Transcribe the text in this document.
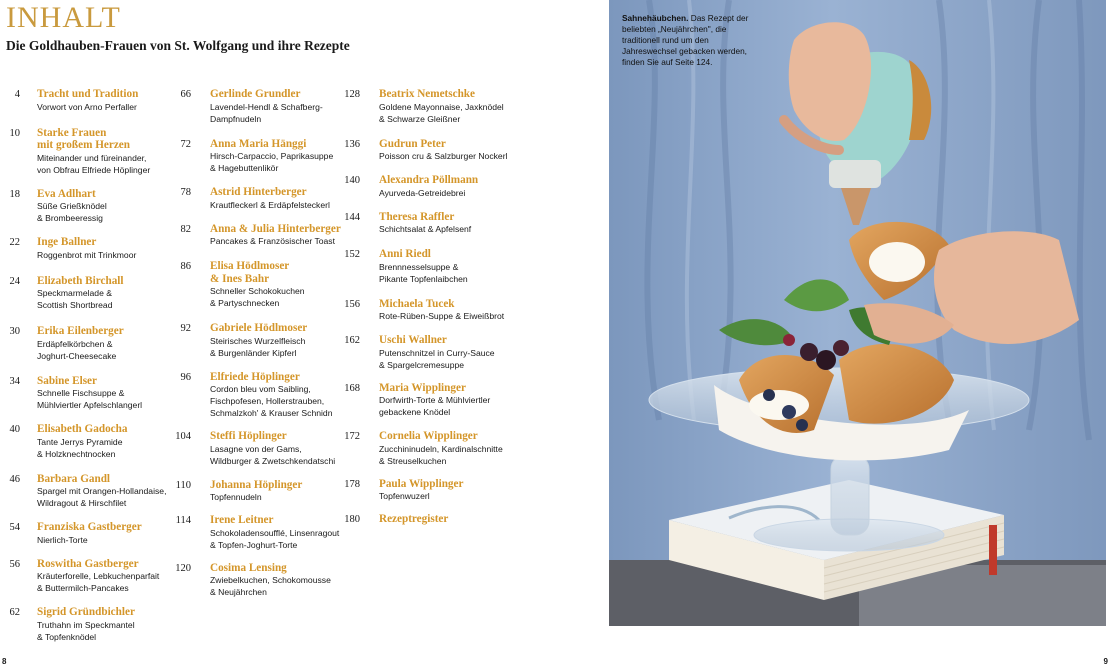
INHALT
Die Goldhauben-Frauen von St. Wolfgang und ihre Rezepte
4 Tracht und Tradition
Vorwort von Arno Perfaller
10 Starke Frauen
mit großem Herzen
Miteinander und füreinander,
von Obfrau Elfriede Höplinger
18 Eva Adlhart
Süße Grießknödel
& Brombeeressig
22 Inge Ballner
Roggenbrot mit Trinkmoor
24 Elizabeth Birchall
Speckmarmelade &
Scottish Shortbread
30 Erika Eilenberger
Erdäpfelkörbchen &
Joghurt-Cheesecake
34 Sabine Elser
Schnelle Fischsuppe &
Mühlviertler Apfelschlangerl
40 Elisabeth Gadocha
Tante Jerrys Pyramide
& Holzknechtnocken
46 Barbara Gandl
Spargel mit Orangen-Hollandaise,
Wildragout & Hirschfilet
54 Franziska Gastberger
Nierlich-Torte
56 Roswitha Gastberger
Kräuterforelle, Lebkuchenparfait
& Buttermilch-Pancakes
62 Sigrid Gründbichler
Truthahn im Speckmantel
& Topfenknödel
66 Gerlinde Grundler
Lavendel-Hendl & Schafberg-
Dampfnudeln
72 Anna Maria Hänggi
Hirsch-Carpaccio, Paprikasuppe
& Hagebuttenlikör
78 Astrid Hinterberger
Krautfleckerl & Erdäpfelsteckerl
82 Anna & Julia Hinterberger
Pancakes & Französischer Toast
86 Elisa Hödlmoser
& Ines Bahr
Schneller Schokokuchen
& Partyschnecken
92 Gabriele Hödlmoser
Steirisches Wurzelfleisch
& Burgenländer Kipferl
96 Elfriede Höplinger
Cordon bleu vom Saibling,
Fischpofesen, Hollerstrauben,
Schmalzkoh' & Krauser Schnidn
104 Steffi Höplinger
Lasagne von der Gams,
Wildburger & Zwetschkendatschi
110 Johanna Höplinger
Topfennudeln
114 Irene Leitner
Schokoladensoufflé, Linsenragout
& Topfen-Joghurt-Torte
120 Cosima Lensing
Zwiebelkuchen, Schokomousse
& Neujährchen
128 Beatrix Nemetschke
Goldene Mayonnaise, Jaxknödel
& Schwarze Gleißner
136 Gudrun Peter
Poisson cru & Salzburger Nockerl
140 Alexandra Pöllmann
Ayurveda-Getreidebrei
144 Theresa Raffler
Schichtsalat & Apfelsenf
152 Anni Riedl
Brennnesselsuppe &
Pikante Topfenlaibchen
156 Michaela Tucek
Rote-Rüben-Suppe & Eiweißbrot
162 Uschi Wallner
Putenschnitzel in Curry-Sauce
& Spargelcremesuppe
168 Maria Wipplinger
Dorfwirth-Torte & Mühlviertler
gebackene Knödel
172 Cornelia Wipplinger
Zucchininudeln, Kardinalschnitte
& Streuselkuchen
178 Paula Wipplinger
Topfenwuzerl
180 Rezeptregister
Sahnehäubchen. Das Rezept der beliebten „Neujährchen", die traditionell rund um den Jahreswechsel gebacken werden, finden Sie auf Seite 124.
8	9
